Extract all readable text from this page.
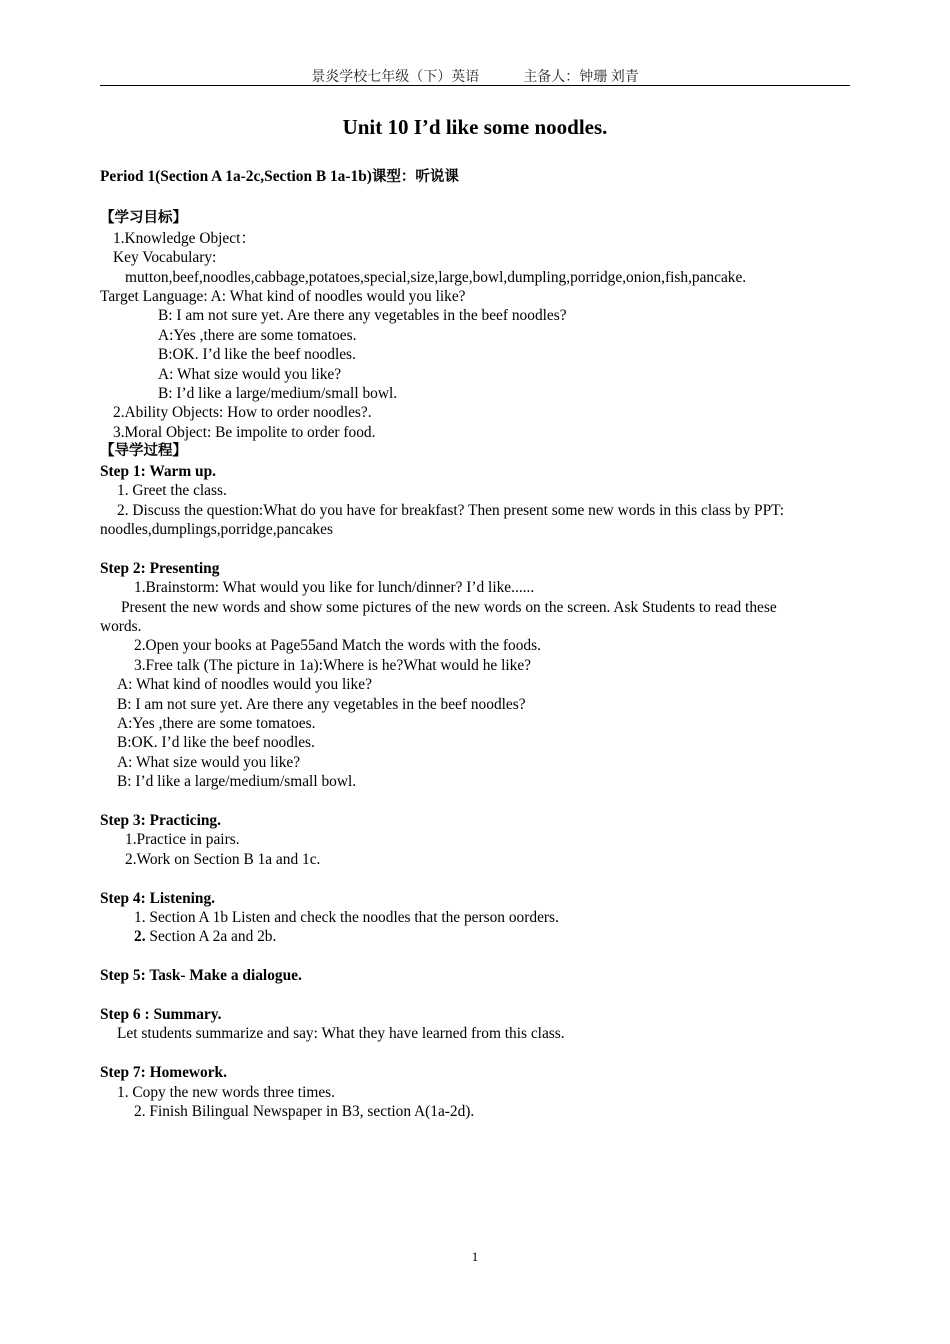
景炎学校七年级（下）英语	主备人：钟珊 刘青
Unit 10 I’d like some noodles.
Period 1(Section A 1a-2c,Section B 1a-1b)课型：听说课
【学习目标】
1.Knowledge Object：
Key Vocabulary:
mutton,beef,noodles,cabbage,potatoes,special,size,large,bowl,dumpling,porridge,onion,fish,pancake.
Target Language: A: What kind of noodles would you like?
B: I am not sure yet. Are there any vegetables in the beef noodles?
A:Yes ,there are some tomatoes.
B:OK. I’d like the beef noodles.
A: What size would you like?
B: I’d like a large/medium/small bowl.
2.Ability Objects: How to order noodles?.
3.Moral Object: Be impolite to order food.
【导学过程】
Step 1: Warm up.
1. Greet the class.
2. Discuss the question:What do you have for breakfast? Then present some new words in this class by PPT:
noodles,dumplings,porridge,pancakes
Step 2: Presenting
1.Brainstorm: What would you like for lunch/dinner? I’d like......
Present the new words and show some pictures of the new words on the screen. Ask Students to read these
words.
2.Open your books at Page55and Match the words with the foods.
3.Free talk (The picture in 1a):Where is he?What would he like?
A: What kind of noodles would you like?
B: I am not sure yet. Are there any vegetables in the beef noodles?
A:Yes ,there are some tomatoes.
B:OK. I’d like the beef noodles.
A: What size would you like?
B: I’d like a large/medium/small bowl.
Step 3: Practicing.
1.Practice in pairs.
2.Work on Section B 1a and 1c.
Step 4: Listening.
1. Section A 1b Listen and check the noodles that the person oorders.
2. Section A 2a and 2b.
Step 5: Task- Make a dialogue.
Step 6 : Summary.
Let students summarize and say: What they have learned from this class.
Step 7: Homework.
1. Copy the new words three times.
2. Finish Bilingual Newspaper in B3, section A(1a-2d).
1
